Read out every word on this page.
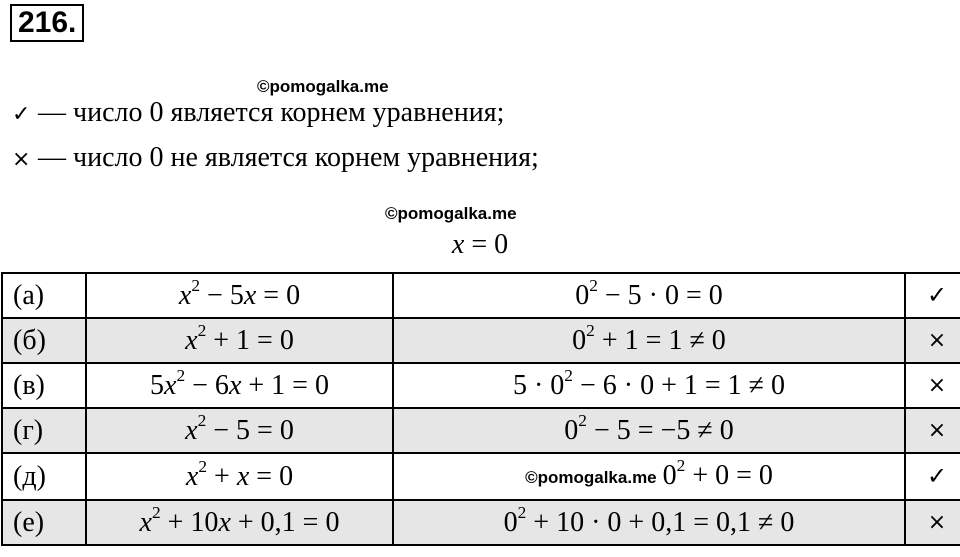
216.
©pomogalka.me
✓ — число 0 является корнем уравнения;
× — число 0 не является корнем уравнения;
©pomogalka.me
x = 0
(а)	$x^2 - 5x = 0$	$0^2 - 5 \cdot 0 = 0$	✓
(б)	$x^2 + 1 = 0$	$0^2 + 1 = 1 \ne 0$	×
(в)	$5x^2 - 6x + 1 = 0$	$5 \cdot 0^2 - 6 \cdot 0 + 1 = 1 \ne 0$	×
(г)	$x^2 - 5 = 0$	$0^2 - 5 = -5 \ne 0$	×
(д)	$x^2 + x = 0$	©pomogalka.me $0^2 + 0 = 0$	✓
(е)	$x^2 + 10x + 0,1 = 0$	$0^2 + 10 \cdot 0 + 0,1 = 0,1 \ne 0$	×
